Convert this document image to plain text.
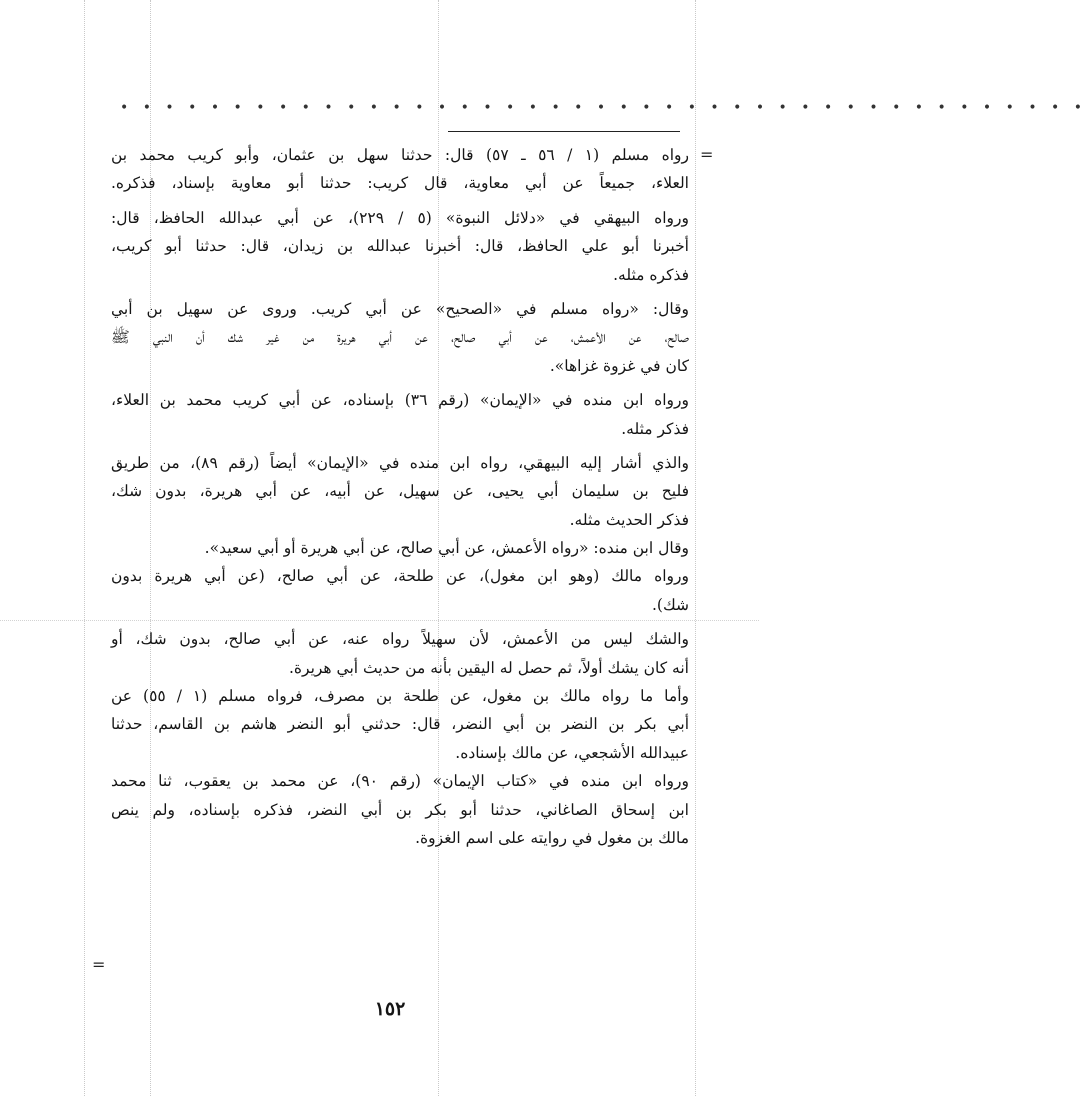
• • • • • • • • • • • • • • • • • • • • • • • • • • • • • • • • • • • • • • • • • • •
=
=
رواه مسلم (١ / ٥٦ ـ ٥٧) قال: حدثنا سهل بن عثمان، وأبو كريب محمد بن
العلاء، جميعاً عن أبي معاوية، قال كريب: حدثنا أبو معاوية بإسناد، فذكره.
ورواه البيهقي في «دلائل النبوة» (٥ / ٢٢٩)، عن أبي عبدالله الحافظ، قال:
أخبرنا أبو علي الحافظ، قال: أخبرنا عبدالله بن زيدان، قال: حدثنا أبو كريب،
فذكره مثله.
وقال: «رواه مسلم في «الصحيح» عن أبي كريب. وروى عن سهيل بن أبي
صالح، عن الأعمش، عن أبي صالح، عن أبي هريرة من غير شك أن النبي ﷺ
كان في غزوة غزاها».
ورواه ابن منده في «الإيمان» (رقم ٣٦) بإسناده، عن أبي كريب محمد بن العلاء،
فذكر مثله.
والذي أشار إليه البيهقي، رواه ابن منده في «الإيمان» أيضاً (رقم ٨٩)، من طريق
فليح بن سليمان أبي يحيى، عن سهيل، عن أبيه، عن أبي هريرة، بدون شك،
فذكر الحديث مثله.
وقال ابن منده: «رواه الأعمش، عن أبي صالح، عن أبي هريرة أو أبي سعيد».
ورواه مالك (وهو ابن مغول)، عن طلحة، عن أبي صالح، (عن أبي هريرة بدون
شك).
والشك ليس من الأعمش، لأن سهيلاً رواه عنه، عن أبي صالح، بدون شك، أو
أنه كان يشك أولاً، ثم حصل له اليقين بأنه من حديث أبي هريرة.
وأما ما رواه مالك بن مغول، عن طلحة بن مصرف، فرواه مسلم (١ / ٥٥) عن
أبي بكر بن النضر بن أبي النضر، قال: حدثني أبو النضر هاشم بن القاسم، حدثنا
عبيدالله الأشجعي، عن مالك بإسناده.
ورواه ابن منده في «كتاب الإيمان» (رقم ٩٠)، عن محمد بن يعقوب، ثنا محمد
ابن إسحاق الصاغاني، حدثنا أبو بكر بن أبي النضر، فذكره بإسناده، ولم ينص
مالك بن مغول في روايته على اسم الغزوة.
١٥٢
